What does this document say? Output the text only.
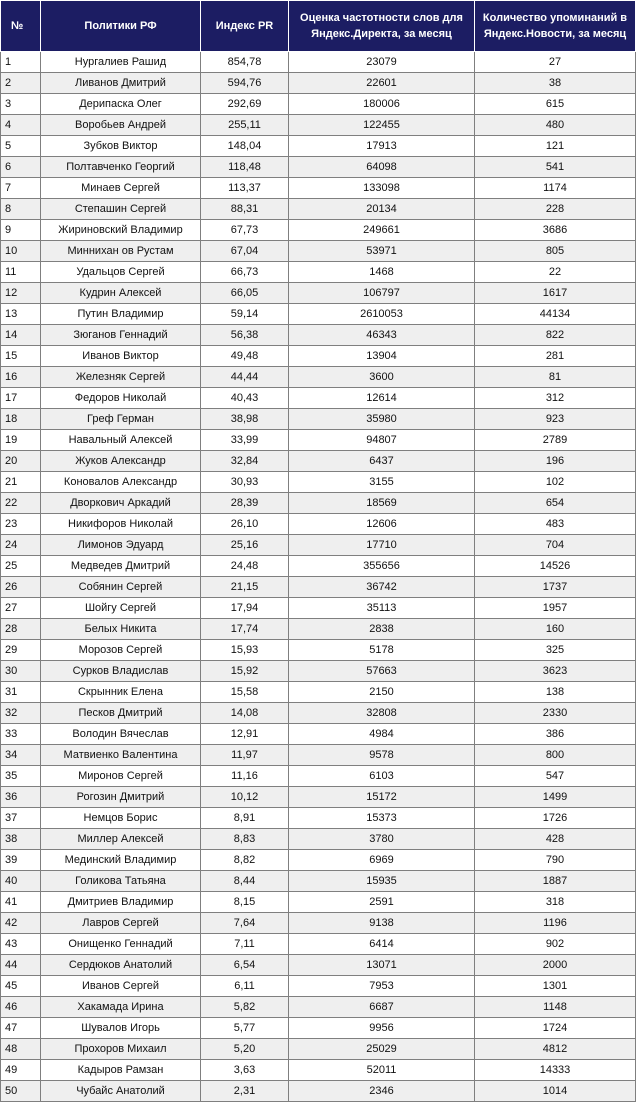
№	Политики РФ	Индекс PR	Оценка частотности слов для Яндекс.Директа, за месяц	Количество упоминаний в Яндекс.Новости, за месяц
1	Нургалиев Рашид	854,78	23079	27
2	Ливанов Дмитрий	594,76	22601	38
3	Дерипаска Олег	292,69	180006	615
4	Воробьев Андрей	255,11	122455	480
5	Зубков Виктор	148,04	17913	121
6	Полтавченко Георгий	118,48	64098	541
7	Минаев Сергей	113,37	133098	1174
8	Степашин Сергей	88,31	20134	228
9	Жириновский Владимир	67,73	249661	3686
10	Миннихан ов Рустам	67,04	53971	805
11	Удальцов Сергей	66,73	1468	22
12	Кудрин Алексей	66,05	106797	1617
13	Путин Владимир	59,14	2610053	44134
14	Зюганов Геннадий	56,38	46343	822
15	Иванов Виктор	49,48	13904	281
16	Железняк Сергей	44,44	3600	81
17	Федоров Николай	40,43	12614	312
18	Греф Герман	38,98	35980	923
19	Навальный Алексей	33,99	94807	2789
20	Жуков Александр	32,84	6437	196
21	Коновалов Александр	30,93	3155	102
22	Дворкович Аркадий	28,39	18569	654
23	Никифоров Николай	26,10	12606	483
24	Лимонов Эдуард	25,16	17710	704
25	Медведев Дмитрий	24,48	355656	14526
26	Собянин Сергей	21,15	36742	1737
27	Шойгу Сергей	17,94	35113	1957
28	Белых Никита	17,74	2838	160
29	Морозов Сергей	15,93	5178	325
30	Сурков Владислав	15,92	57663	3623
31	Скрынник Елена	15,58	2150	138
32	Песков Дмитрий	14,08	32808	2330
33	Володин Вячеслав	12,91	4984	386
34	Матвиенко Валентина	11,97	9578	800
35	Миронов Сергей	11,16	6103	547
36	Рогозин Дмитрий	10,12	15172	1499
37	Немцов Борис	8,91	15373	1726
38	Миллер Алексей	8,83	3780	428
39	Мединский Владимир	8,82	6969	790
40	Голикова Татьяна	8,44	15935	1887
41	Дмитриев Владимир	8,15	2591	318
42	Лавров Сергей	7,64	9138	1196
43	Онищенко Геннадий	7,11	6414	902
44	Сердюков Анатолий	6,54	13071	2000
45	Иванов Сергей	6,11	7953	1301
46	Хакамада Ирина	5,82	6687	1148
47	Шувалов Игорь	5,77	9956	1724
48	Прохоров Михаил	5,20	25029	4812
49	Кадыров Рамзан	3,63	52011	14333
50	Чубайс Анатолий	2,31	2346	1014
